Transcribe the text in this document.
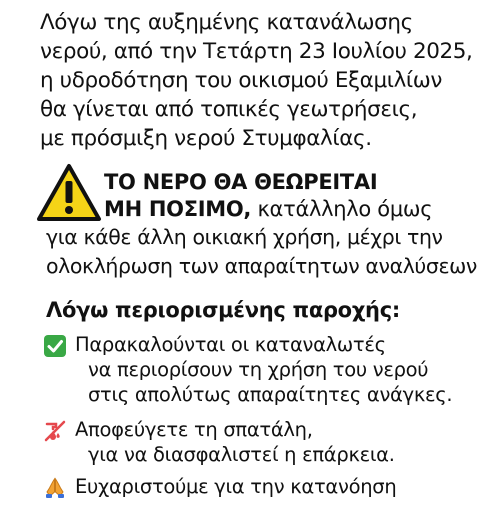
Λόγω της αυξημένης κατανάλωσης
νερού, από την Τετάρτη 23 Ιουλίου 2025,
η υδροδότηση του οικισμού Εξαμιλίων
θα γίνεται από τοπικές γεωτρήσεις,
με πρόσμιξη νερού Στυμφαλίας.
ΤΟ ΝΕΡΟ ΘΑ ΘΕΩΡΕΙΤΑΙ
ΜΗ ΠΟΣΙΜΟ, κατάλληλο όμως
για κάθε άλλη οικιακή χρήση, μέχρι την
ολοκλήρωση των απαραίτητων αναλύσεων
Λόγω περιορισμένης παροχής:
Παρακαλούνται οι καταναλωτές
να περιορίσουν τη χρήση του νερού
στις απολύτως απαραίτητες ανάγκες.
Αποφεύγετε τη σπατάλη,
για να διασφαλιστεί η επάρκεια.
Ευχαριστούμε για την κατανόηση
